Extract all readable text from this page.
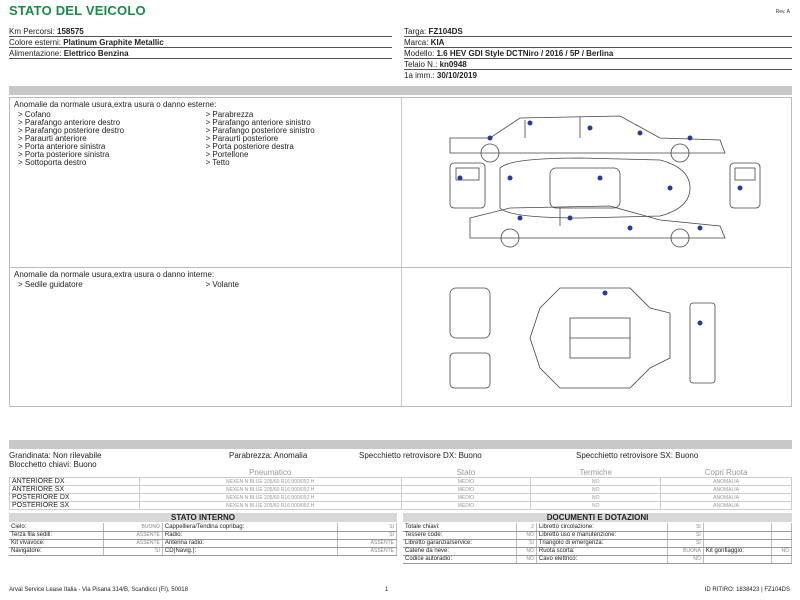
STATO DEL VEICOLO	Rev. A
Km Percorsi: 158575
Colore esterni: Platinum Graphite Metallic
Alimentazione: Elettrico Benzina
Targa: FZ104DS
Marca: KIA
Modello: 1.6 HEV GDI Style DCTNiro / 2016 / 5P / Berlina
Telaio N.: kn0948
1a imm.: 30/10/2019
Anomalie da normale usura,extra usura o danno esterne:
> Cofano
> Parafango anteriore destro
> Parafango posteriore destro
> Paraurti anteriore
> Porta anteriore sinistra
> Porta posteriore sinistra
> Sottoporta destro
> Parabrezza
> Parafango anteriore sinistro
> Parafango posteriore sinistro
> Paraurti posteriore
> Porta posteriore destra
> Portellone
> Tetto
Anomalie da normale usura,extra usura o danno interne:
> Sedile guidatore	> Volante
Grandinata: Non rilevabile	Parabrezza: Anomalia	Specchietto retrovisore DX: Buono	Specchietto retrovisore SX: Buono
Blocchetto chiavi: Buono
	Pneumatico	Stato	Termiche	Copri Ruota
ANTERIORE DX	NEXEN N BLUE 205/60 R16 000/092 H	MEDIO	NO	ANOMALIA
ANTERIORE SX	NEXEN N BLUE 205/60 R16 000/092 H	MEDIO	NO	ANOMALIA
POSTERIORE DX	NEXEN N BLUE 205/60 R16 000/092 H	MEDIO	NO	ANOMALIA
POSTERIORE SX	NEXEN N BLUE 205/60 R16 000/092 H	MEDIO	NO	ANOMALIA
STATO INTERNO
Cielo:	BUONO	Cappelliera/Tendina copribag:	SI
Terza fila sedili:	ASSENTE	Radio:	SI
Kit vivavoce:	ASSENTE	Antenna radio:	ASSENTE
Navigatore:	SI	CD(Navig.):	ASSENTE
DOCUMENTI E DOTAZIONI
Totale chiavi:	2	Libretto circolazione:	SI		
Tessere code:	NO	Libretto uso e manutenzione:	SI		
Libretto garanzia/service:	SI	Triangolo di emergenza:	SI		
Catene da neve:	NO	Ruota scorta:	BUONA	Kit gonfiaggio:	NO
Codice autoradio:	NO	Cavo elettrico:	NO		
Arval Service Lease Italia - Via Pisana 314/B, Scandicci (FI), 50018	1	ID RITIRO: 1838423 | FZ104DS
